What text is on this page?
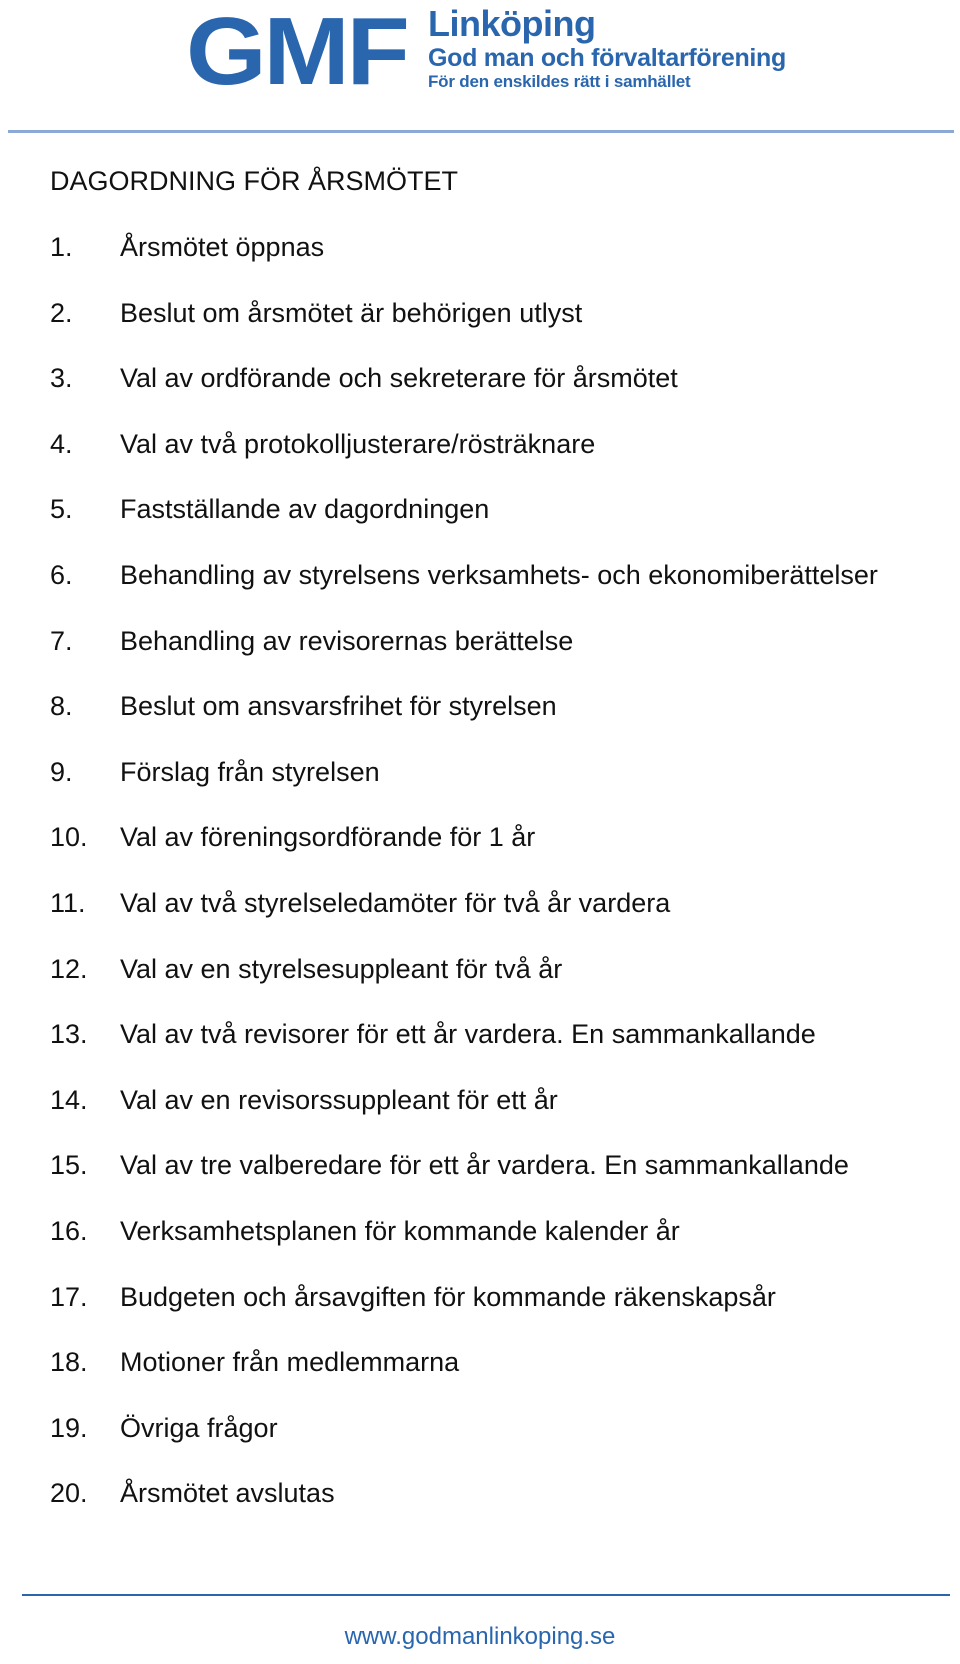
GMF Linköping
God man och förvaltarförening
För den enskildes rätt i samhället
DAGORDNING FÖR ÅRSMÖTET
1.	Årsmötet öppnas
2.	Beslut om årsmötet är behörigen utlyst
3.	Val av ordförande och sekreterare för årsmötet
4.	Val av två protokolljusterare/rösträknare
5.	Fastställande av dagordningen
6.	Behandling av styrelsens verksamhets- och ekonomiberättelser
7.	Behandling av revisorernas berättelse
8.	Beslut om ansvarsfrihet för styrelsen
9.	Förslag från styrelsen
10.	Val av föreningsordförande för 1 år
11.	Val av två styrelseledamöter för två år vardera
12.	Val av en styrelsesuppleant för två år
13.	Val av två revisorer för ett år vardera. En sammankallande
14.	Val av en revisorssuppleant för ett år
15.	Val av tre valberedare för ett år vardera. En sammankallande
16.	Verksamhetsplanen för kommande kalender år
17.	Budgeten och årsavgiften för kommande räkenskapsår
18.	Motioner från medlemmarna
19.	Övriga frågor
20.	Årsmötet avslutas
www.godmanlinkoping.se
